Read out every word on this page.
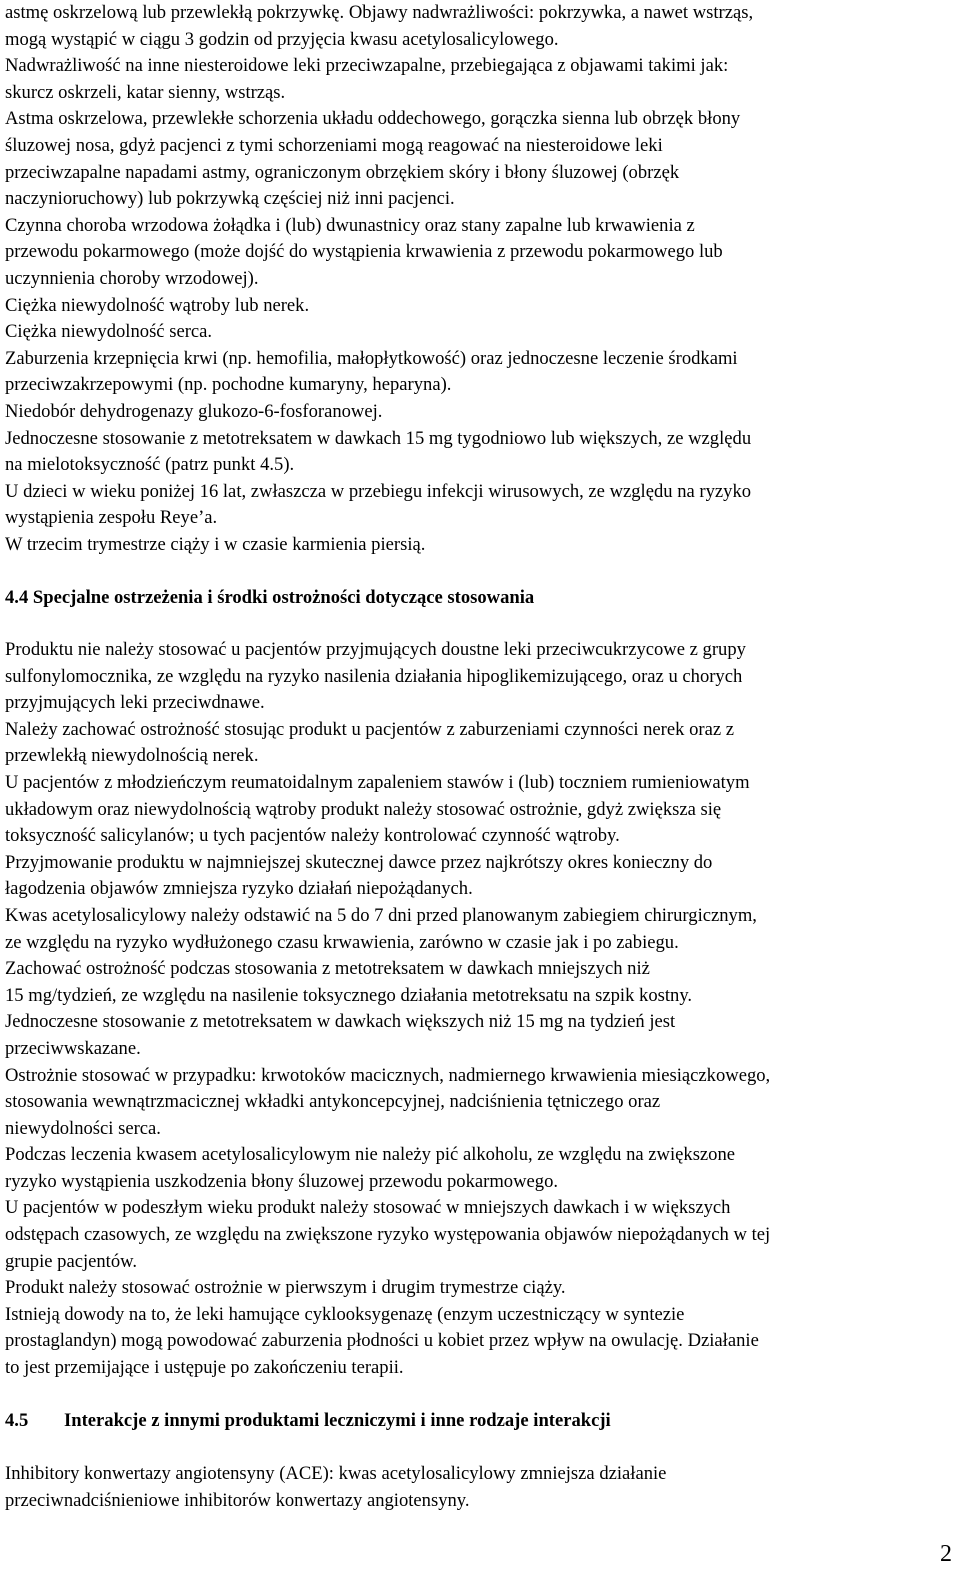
astmę oskrzelową lub przewlekłą pokrzywkę. Objawy nadwrażliwości: pokrzywka, a nawet wstrząs,
mogą wystąpić w ciągu 3 godzin od przyjęcia kwasu acetylosalicylowego.

Nadwrażliwość na inne niesteroidowe leki przeciwzapalne, przebiegająca z objawami takimi jak:
skurcz oskrzeli, katar sienny, wstrząs.

Astma oskrzelowa, przewlekłe schorzenia układu oddechowego, gorączka sienna lub obrzęk błony
śluzowej nosa, gdyż pacjenci z tymi schorzeniami mogą reagować na niesteroidowe leki
przeciwzapalne napadami astmy, ograniczonym obrzękiem skóry i błony śluzowej (obrzęk
naczynioruchowy) lub pokrzywką częściej niż inni pacjenci.

Czynna choroba wrzodowa żołądka i (lub) dwunastnicy oraz stany zapalne lub krwawienia z
przewodu pokarmowego (może dojść do wystąpienia krwawienia z przewodu pokarmowego lub
uczynnienia choroby wrzodowej).

Ciężka niewydolność wątroby lub nerek.

Ciężka niewydolność serca.

Zaburzenia krzepnięcia krwi (np. hemofilia, małopłytkowość) oraz jednoczesne leczenie środkami
przeciwzakrzepowymi (np. pochodne kumaryny, heparyna).

Niedobór dehydrogenazy glukozo-6-fosforanowej.

Jednoczesne stosowanie z metotreksatem w dawkach 15 mg tygodniowo lub większych, ze względu
na mielotoksyczność (patrz punkt 4.5).

U dzieci w wieku poniżej 16 lat, zwłaszcza w przebiegu infekcji wirusowych, ze względu na ryzyko
wystąpienia zespołu Reye’a.

W trzecim trymestrze ciąży i w czasie karmienia piersią.

4.4 Specjalne ostrzeżenia i środki ostrożności dotyczące stosowania

Produktu nie należy stosować u pacjentów przyjmujących doustne leki przeciwcukrzycowe z grupy
sulfonylomocznika, ze względu na ryzyko nasilenia działania hipoglikemizującego, oraz u chorych
przyjmujących leki przeciwdnawe.

Należy zachować ostrożność stosując produkt u pacjentów z zaburzeniami czynności nerek oraz z
przewlekłą niewydolnością nerek.

U pacjentów z młodzieńczym reumatoidalnym zapaleniem stawów i (lub) toczniem rumieniowatym
układowym oraz niewydolnością wątroby produkt należy stosować ostrożnie, gdyż zwiększa się
toksyczność salicylanów; u tych pacjentów należy kontrolować czynność wątroby.

Przyjmowanie produktu w najmniejszej skutecznej dawce przez najkrótszy okres konieczny do
łagodzenia objawów zmniejsza ryzyko działań niepożądanych.

Kwas acetylosalicylowy należy odstawić na 5 do 7 dni przed planowanym zabiegiem chirurgicznym,
ze względu na ryzyko wydłużonego czasu krwawienia, zarówno w czasie jak i po zabiegu.

Zachować ostrożność podczas stosowania z metotreksatem w dawkach mniejszych niż
15 mg/tydzień, ze względu na nasilenie toksycznego działania metotreksatu na szpik kostny.

Jednoczesne stosowanie z metotreksatem w dawkach większych niż 15 mg na tydzień jest
przeciwwskazane.

Ostrożnie stosować w przypadku: krwotoków macicznych, nadmiernego krwawienia miesiączkowego,
stosowania wewnątrzmacicznej wkładki antykoncepcyjnej, nadciśnienia tętniczego oraz
niewydolności serca.

Podczas leczenia kwasem acetylosalicylowym nie należy pić alkoholu, ze względu na zwiększone
ryzyko wystąpienia uszkodzenia błony śluzowej przewodu pokarmowego.

U pacjentów w podeszłym wieku produkt należy stosować w mniejszych dawkach i w większych
odstępach czasowych, ze względu na zwiększone ryzyko występowania objawów niepożądanych w tej
grupie pacjentów.

Produkt należy stosować ostrożnie w pierwszym i drugim trymestrze ciąży.

Istnieją dowody na to, że leki hamujące cyklooksygenazę (enzym uczestniczący w syntezie
prostaglandyn) mogą powodować zaburzenia płodności u kobiet przez wpływ na owulację. Działanie
to jest przemijające i ustępuje po zakończeniu terapii.

4.5 Interakcje z innymi produktami leczniczymi i inne rodzaje interakcji

Inhibitory konwertazy angiotensyny (ACE): kwas acetylosalicylowy zmniejsza działanie
przeciwnadciśnieniowe inhibitorów konwertazy angiotensyny.

2
